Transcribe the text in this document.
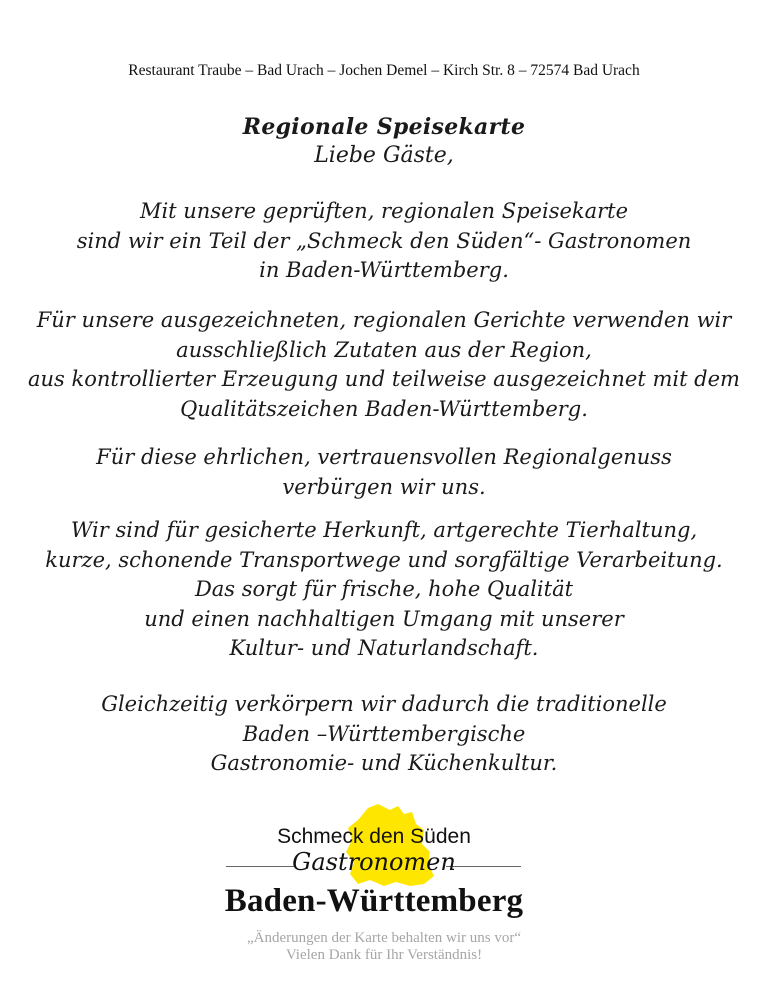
Restaurant Traube – Bad Urach – Jochen Demel – Kirch Str. 8 – 72574 Bad Urach
Regionale Speisekarte
Liebe Gäste,
Mit unsere geprüften, regionalen Speisekarte
sind wir ein Teil der „Schmeck den Süden“- Gastronomen
in Baden-Württemberg.
Für unsere ausgezeichneten, regionalen Gerichte verwenden wir
ausschließlich Zutaten aus der Region,
aus kontrollierter Erzeugung und teilweise ausgezeichnet mit dem
Qualitätszeichen Baden-Württemberg.
Für diese ehrlichen, vertrauensvollen Regionalgenuss
verbürgen wir uns.
Wir sind für gesicherte Herkunft, artgerechte Tierhaltung,
kurze, schonende Transportwege und sorgfältige Verarbeitung.
Das sorgt für frische, hohe Qualität
und einen nachhaltigen Umgang mit unserer
Kultur- und Naturlandschaft.
Gleichzeitig verkörpern wir dadurch die traditionelle
Baden –Württembergische
Gastronomie- und Küchenkultur.
Schmeck den Süden
Gastronomen
Baden-Württemberg
„Änderungen der Karte behalten wir uns vor“
Vielen Dank für Ihr Verständnis!
